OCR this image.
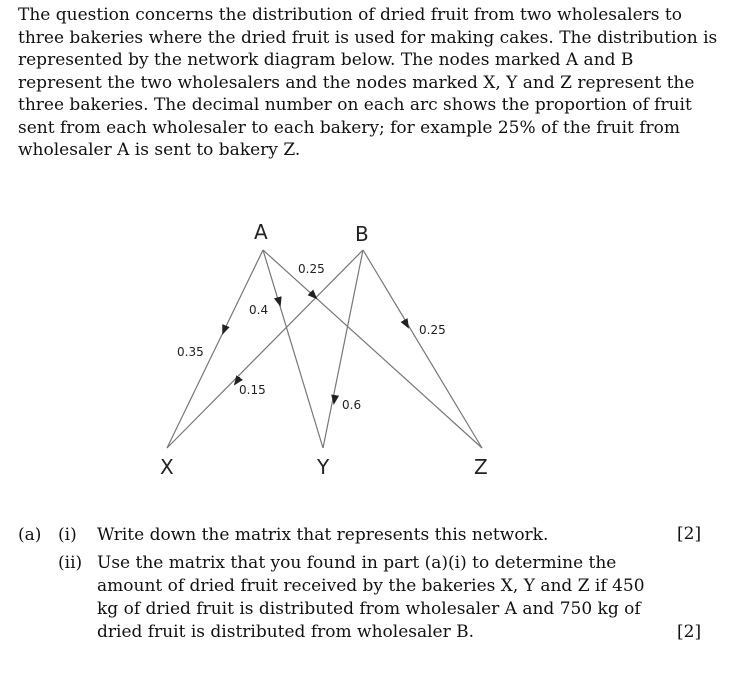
The question concerns the distribution of dried fruit from two wholesalers to three bakeries where the dried fruit is used for making cakes. The distribution is represented by the network diagram below. The nodes marked A and B represent the two wholesalers and the nodes marked X, Y and Z represent the three bakeries. The decimal number on each arc shows the proportion of fruit sent from each wholesaler to each bakery; for example 25% of the fruit from wholesaler A is sent to bakery Z.

A	B
X	Y	Z
0.35
0.4
0.25
0.15
0.6
0.25
(a) (i) Write down the matrix that represents this network.	[2]
(ii) Use the matrix that you found in part (a)(i) to determine the amount of dried fruit received by the bakeries X, Y and Z if 450 kg of dried fruit is distributed from wholesaler A and 750 kg of dried fruit is distributed from wholesaler B.	[2]
